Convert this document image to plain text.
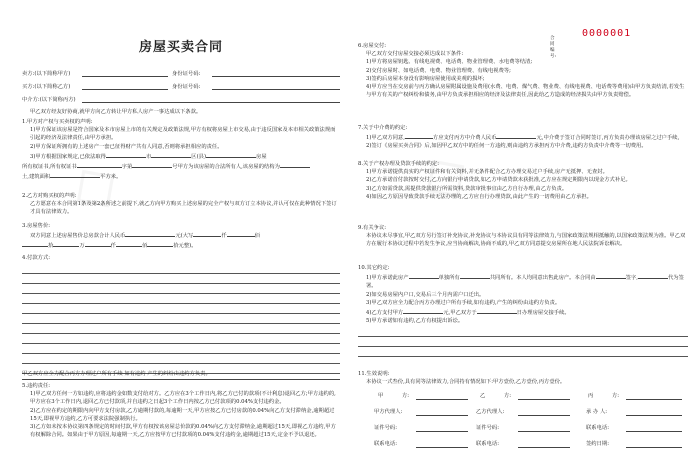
房屋买卖合同
卖方:(以下简称甲方)	身份证号码:
买方:(以下简称乙方)	身份证号码:
中介方:(以下简称丙方)
甲乙双方经友好协商,就甲方向乙方转让甲方私人房产一事达成以下条款。
1.甲方对产权与买卖权的声明:
1)甲方保证该房屋是符合国家及本市房屋上市的有关规定及政策法规,甲方有权将房屋上市交易,由于违反国家及本市相关政策法规而引起的经济及法律责任,由甲方承担。
2)甲方保证所拥有的上述房产一套已征得财产共有人同意,否则将承担相应的责任。
3)甲方根据国家规定,已依法取得	市	区(县)	房屋
所有权证书,所有权证书	字第	号甲方为该房屋的合法所有人,该房屋的结构为
土,建筑面积	平方米。
2.乙方对购买权的声明:
乙方愿意在本合同第1条及第2条所述之前提下,就乙方向甲方购买上述房屋的完全产权与双方订立本协议,并认可仅在此种情况下签订才具有法律效力。
3.房屋售价:
双方同意上述房屋售价总房款合计人民币	元(大写	仟	佰
拾	万	仟	佰	拾元整)。
4.付款方式:
甲乙双方应全力配合丙方办理过户所有手续 如有违约 产生的纠纷由违约方负责。
5.违约责任:
1)甲乙双方任何一方如违约,应将违约金如数支付给对方。乙方应在3个工作日内,将乙方已付的款项(不计利息)退回乙方;甲方违约的,甲方应在3个工作日内,退回乙方已付款项,并自违约之日起3个工作日内按乙方已付款项的0.04%支付违约金。
2)乙方应在约定的期限内向甲方支付房款,乙方逾期付款的,每逾期一天,甲方应按乙方已付房款的0.04%向乙方支付滞纳金,逾期超过15天,即视甲方违约,乙方可要求法院强制执行。
3)乙方如未按本协议第四条规定的时间付款,甲方有权按该房屋总价款的0.04%向乙方支付滞纳金,逾期超过15天,即视乙方违约,甲方有权解除合同。如果由于甲方原因,每逾期一天,乙方应按甲方已付款项的0.04%支付违约金,逾期超过15天,定金不予以退还。
合同编号:
0000001
6.房屋交付:
甲乙双方交付房屋交接必须达成以下条件:
1)甲方将房屋钥匙、有线电视费、电话费、物业管理费、水电费等结清;
2)交付房屋时、如电话费、电费、物业管理费、有线电视费等;
3)签约后房屋本身没有影响房屋使用或美观的损坏;
4)甲方应当在交房前与丙方确认房屋附属设施及费用(水费、电费、煤气费、物业费、有线电视费、电话费等费用)由甲方负责结清,若发生与甲方有关的产权纠纷和债务,由甲方负责承担相应的经济及法律责任,因此给乙方造成的经济损失由甲方负责赔偿。
7.关于中介费的约定:
1)甲乙双方同意,	方应支付丙方中介费人民币	元,中介费于签订合同时签订,丙方负责办理该房屋之过户手续,
2)签订《房屋买卖合同》后,如因甲乙双方中的任何一方违约,则由违约方承担丙方中介费,违约方负责中介费等一切费用。
8.关于产权办理及贷款手续的约定:
1)甲方承诺提供真实的产权证件和有关资料,并无条件配合乙方办理交易过户手续,房产无抵押、无查封。
2)乙方承诺首付款按时交付,乙方向银行申请贷款,如乙方申请贷款未获批准,乙方应在规定期限内以现金方式补足。
3)乙方如需贷款,需提供贷款银行所需资料,贷款审批事宜由乙方自行办理,由乙方负责。
4)如因乙方原因导致贷款手续无法办理的,乙方应自行办理贷款,由此产生的一切费用由乙方承担。
9.有关争议:
本协议未尽事宜,甲乙双方另行签订补充协议,补充协议与本协议具有同等法律效力,与国家政策法规相抵触的,以国家政策法规为准。甲乙双方在履行本协议过程中若发生争议,应当协商解决,协商不成的,甲乙双方同意提交房屋所在地人民法院诉讼解决。
10.其它约定:
1)甲方承诺此房产	单独所有	共同所有。本人均同意出售此房产。本合同由	签字,	代为签署。
2)如交易房屋内户口,交易后三个月内需户口迁出。
3)甲乙双方应全力配合丙方办理过户所有手续,如有违约,产生的纠纷由违约方负责。
4)乙方支付甲方	元,甲乙双方于	日办理房屋交接手续。
5)甲方承诺如有违约,乙方有权提出诉讼。
11.生效说明:
本协议一式叁份,具有同等法律效力,合同持有情况如下:甲方壹份,乙方壹份,丙方壹份。
甲	方:	乙	方:	丙	方:
甲方代理人:	乙方代理人:	承 办 人:
证件号码:	证件号码:	联系电话:
联系电话:	联系电话:	签约日期:
